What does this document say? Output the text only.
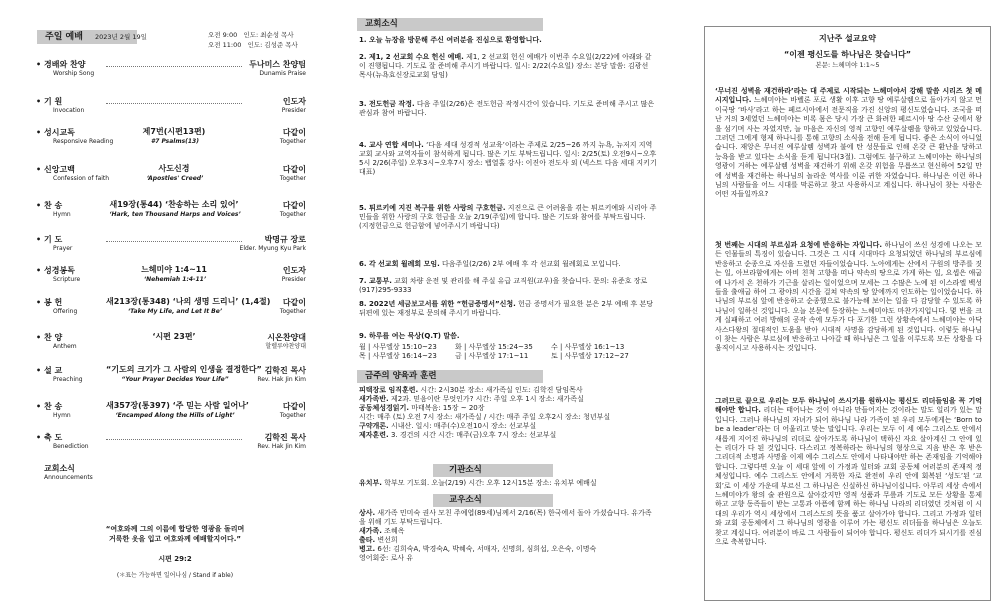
주일 예배 2023년 2월 19일	오전 9:00 인도: 최순성 목사
오전 11:00 인도: 김성준 목사
• 경배와 찬양
Worship Song
두나미스 찬양팀
Dunamis Praise
• 기 원
Invocation
인도자
Presider
• 성시교독
Responsive Reading
제7번(시편13편)
#7 Psalms(13)
다같이
Together
• 신앙고백
Confession of faith
사도신경
‘Apostles' Creed’
다같이
Together
• 찬 송
Hymn
새19장(통44) ‘찬송하는 소리 있어’
‘Hark, ten Thousand Harps and Voices’
다같이
Together
• 기 도
Prayer
박명규 장로
Elder. Myung Kyu Park
• 성경봉독
Scripture
느헤미야 1:4~11
‘Nehemiah 1:4-11’
인도자
Presider
• 봉 헌
Offering
새213장(통348) ‘나의 생명 드리니’ (1,4절)
‘Take My Life, and Let It Be’
다같이
Together
• 찬 양
Anthem
‘시편 23편’	시온찬양대
할렐루야찬양대
• 설 교
Preaching
“기도의 크기가 그 사람의 인생을 결정한다”
“Your Prayer Decides Your Life”
김학진 목사
Rev. Hak Jin Kim
• 찬 송
Hymn
새357장(통397) ‘주 믿는 사람 일어나’
‘Encamped Along the Hills of Light’
다같이
Together
• 축 도
Benediction
김학진 목사
Rev. Hak Jin Kim
교회소식
Announcements
“여호와께 그의 이름에 합당한 영광을 돌리며
거룩한 옷을 입고 여호와께 예배할지어다.”
시편 29:2
(＊표는 가능하면 일어나심 / Stand if able)
교회소식
1. 오늘 뉴장을 방문해 주신 여러분을 진심으로 환영합니다.
2. 제1, 2 선교회 수요 헌신 예배. 제1, 2 선교회 헌신 예배가 이번주 수요일(2/22)에 아래와 같이 진행됩니다. 기도로 잘 준비해 주시기 바랍니다. 일시: 2/22(수요일) 장소: 본당 말씀: 김광선 목사(뉴욕효신장로교회 담임)
3. 전도헌금 작정. 다음 주일(2/26)은 전도헌금 작정시간이 있습니다. 기도로 준비해 주시고 많은 관심과 참여 바랍니다.
4. 교사 연합 세미나. ‘다음 세대 성경적 성교육’이라는 주제로 2/25~26 까지 뉴욕, 뉴저지 지역 교회 교사와 교역자들이 참석하게 됩니다. 많은 기도 부탁드립니다. 일시: 2/25(토) 오전9시~오후5시 2/26(주일) 오후3시~오후7시 장소: 뱁열홀 강사: 이진아 전도사 외 (넥스트 다음 세대 지키기 대표)
5. 튀르키예 지진 복구를 위한 사랑의 구호헌금. 지진으로 큰 어려움을 겪는 튀르키예와 시리아 주민들을 위한 사랑의 구호 헌금을 오늘 2/19(주일)에 합니다. 많은 기도와 참여를 부탁드립니다. (지정헌금으로 헌금함에 넣어주시기 바랍니다)
6. 각 선교회 월례회 모임. 다음주일(2/26) 2부 예배 후 각 선교회 월례회로 모입니다.
7. 교통부. 교회 차량 운전 및 관리를 해 주실 유급 교직원(교우)을 찾습니다. 문의: 유준호 장로(917)295-9333
8. 2022년 세금보고서를 위한 “헌금증명서”신청. 헌금 증명서가 필요한 분은 2부 예배 후 본당 뒤편에 있는 재정부로 문의해 주시기 바랍니다.
9. 하루를 여는 묵상(Q.T) 말씀.
월 | 사무엘상 15:10~23	화 | 사무엘상 15:24~35	수 | 사무엘상 16:1~13
목 | 사무엘상 16:14~23	금 | 사무엘상 17:1~11	토 | 사무엘상 17:12~27
금주의 양육과 훈련
피택장로 임직훈련. 시간: 2시30분 장소: 새가족실 인도: 김학진 담임목사
새가족반. 제2과. 믿음이란 무엇인가? 시간: 주일 오후 1시 장소: 새가족실
공동체성경읽기. 마태복음: 15장 ~ 20장
시간: 매주 (토) 오전 7시 장소: 새가족실 / 시간: 매주 주일 오후2시 장소: 청년부실
구약개론. 시내산. 일시: 매주(수)오전10시 장소: 선교부실
제자훈련. 3. 경건의 시간 시간: 매주(금)오후 7시 장소: 선교부실
기관소식
유치부. 학부모 기도회. 오늘(2/19) 시간: 오후 12시15분 장소: 유치부 예배실
교우소식
상사. 새가족 민미숙 권사 모친 주예엽(89세)님께서 2/16(목) 한국에서 돌아 가셨습니다. 유가족을 위해 기도 부탁드립니다.
새가족. 조혜옥
출타. 변선희
병고. 6선: 김희숙A, 박경숙A, 박혜숙, 서매자, 신명희, 심희섭, 오은숙, 이명숙
영어회중: 로사 유
지난주 설교요약
“이젠 평신도를 하나님은 찾습니다”
본문: 느헤미야 1:1~5
‘무너진 성벽을 재건하라’라는 대 주제로 시작되는 느헤미야서 강해 말씀 시리즈 첫 메시지입니다. 느헤미야는 바벨론 포로 생활 이후 고향 땅 예루살렘으로 돌아가지 않고 먼 이국땅 ‘바사’라고 하는 페르시아에서 전문직을 가진 신앙의 평신도였습니다. 조국을 떠난 거의 3세였던 느헤미야는 비록 몸은 당시 가장 큰 화려한 페르시아 땅 수산 궁에서 왕을 섬기며 사는 자였지만, 늘 마음은 자신의 영적 고향인 예루살렘을 향하고 있었습니다. 그러던 그에게 형제 하나니를 통해 고향의 소식을 전해 듣게 됩니다. 좋은 소식이 아니었습니다. 재앙은 무너진 예루살렘 성벽과 불에 탄 성문들로 인해 온갖 큰 환난을 당하고 능욕을 받고 있다는 소식을 듣게 됩니다(3절). 그럼에도 불구하고 느헤미야는 하나님의 영광이 거하는 예루살렘 성벽을 재건하기 위해 온갖 위험을 무릅쓰고 현신하여 52일 만에 성벽을 재건하는 하나님의 놀라운 역사를 이룬 귀한 자였습니다. 하나님은 이런 하나님의 사람들을 어느 시대를 막론하고 찾고 사용하시고 계십니다. 하나님이 찾는 사람은 어떤 자들일까요?
첫 번째는 시대의 부르심과 요청에 반응하는 자입니다. 하나님이 쓰신 성경에 나오는 모든 인물들의 특징이 있습니다. 그것은 그 시대 시대마다 요청되었던 하나님의 부르심에 반응하고 순종으로 자신을 드렸던 자들이었습니다. 노아에게는 산에서 구원의 방주를 짓는 일, 아브라함에게는 아비 친척 고향을 떠나 약속의 땅으로 가게 하는 일, 요셉은 애굽에 나가서 온 천하가 기근을 살리는 일이었으며 모세는 그 수많은 노예 된 이스라엘 백성들을 출애굽 하여 그 광야의 시간을 걸쳐 약속의 땅 앞에까지 인도하는 일이었습니다. 하나님의 부르심 앞에 반응하고 순종했으로 불가능해 보이는 일을 다 감당할 수 있도록 하나님이 일하신 것입니다. 오늘 본문에 등장하는 느헤미야도 마찬가지입니다. 몇 번을 크게 실패하고 여러 방해의 공작 속에 모두가 다 포기한 그런 상황속에서 느헤미야는 아닥사스다왕의 절대적인 도움을 받아 시대적 사명을 감당하게 된 것입니다. 이렇듯 하나님이 찾는 사람은 부르심에 반응하고 나아갈 때 하나님은 그 일을 이루도록 모든 상황을 다 움직이시고 사용하시는 것입니다.
그러므로 끝으로 우리는 모두 하나님이 쓰시기를 원하시는 평신도 리더들임을 꼭 기억해야만 합니다. 리더는 태어나는 것이 아니라 만들어지는 것이라는 말도 일리가 있는 말입니다. 그러나 하나님의 자녀가 되어 하나님 나라 가족이 된 우리 모두에게는 ‘Born to be a leader’라는 더 어울리고 맞는 말입니다. 우리는 모두 이 세 예수 그리스도 안에서 새롭게 지어진 하나님의 리더로 살아가도록 하나님이 택하신 자요 살아계신 그 안에 있는 리더가 다 된 것입니다. 다스리고 정복하라는 하나님의 형상으로 지음 받은 후 받은 그리더적 소명과 사명을 이제 예수 그리스도 안에서 나타내야만 하는 존재임을 기억해야 합니다. 그렇다면 오늘 이 세대 앞에 이 가정과 일터와 교회 공동체 여러분의 존재적 정체성입니다. 예수 그리스도 안에서 거룩한 자로 완전히 우리 안에 회복된 ‘성도’된 ‘교회’로 이 세상 가운데 부르신 그 하나님은 신실하신 하나님이십니다. 아무리 세상 속에서 느헤미야가 왕의 술 관원으로 살아갔지만 영적 성품과 무릎과 기도로 모든 상황을 통제하고 고향 동족들이 받는 고통과 아픔에 함께 하는 하나님 나라의 리더였던 것처럼 이 시대의 우리가 역시 세상에서 그리스도의 뜻을 품고 살아가야 합니다. 그리고 가정과 일터와 교회 공동체에서 그 하나님의 영광을 이루어 가는 평신도 리더들을 하나님은 오늘도 찾고 계십니다. 여러분이 바로 그 사람들이 되어야 합니다. 평신도 리더가 되시기를 진심으로 축복합니다.
